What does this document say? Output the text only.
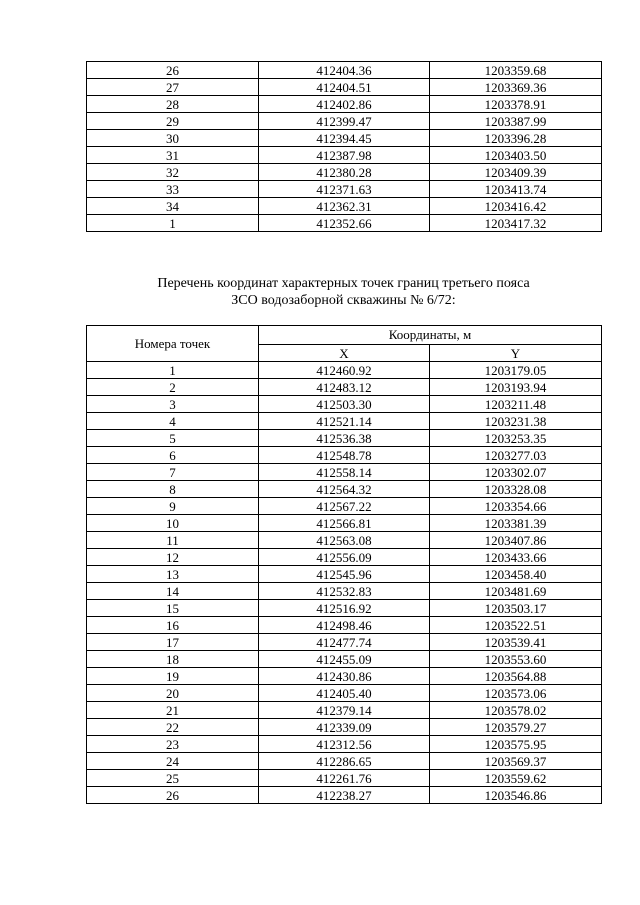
26	412404.36	1203359.68
27	412404.51	1203369.36
28	412402.86	1203378.91
29	412399.47	1203387.99
30	412394.45	1203396.28
31	412387.98	1203403.50
32	412380.28	1203409.39
33	412371.63	1203413.74
34	412362.31	1203416.42
1	412352.66	1203417.32
Перечень координат характерных точек границ третьего пояса
ЗСО водозаборной скважины № 6/72:
Номера точек	Координаты, м	
	X	Y
1	412460.92	1203179.05
2	412483.12	1203193.94
3	412503.30	1203211.48
4	412521.14	1203231.38
5	412536.38	1203253.35
6	412548.78	1203277.03
7	412558.14	1203302.07
8	412564.32	1203328.08
9	412567.22	1203354.66
10	412566.81	1203381.39
11	412563.08	1203407.86
12	412556.09	1203433.66
13	412545.96	1203458.40
14	412532.83	1203481.69
15	412516.92	1203503.17
16	412498.46	1203522.51
17	412477.74	1203539.41
18	412455.09	1203553.60
19	412430.86	1203564.88
20	412405.40	1203573.06
21	412379.14	1203578.02
22	412339.09	1203579.27
23	412312.56	1203575.95
24	412286.65	1203569.37
25	412261.76	1203559.62
26	412238.27	1203546.86
